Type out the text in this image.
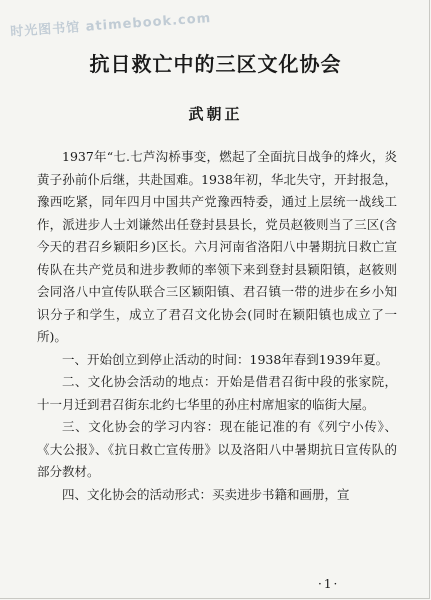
时光图书馆 atimebook.com
抗日救亡中的三区文化协会
武朝正

1937年“七.七芦沟桥事变，燃起了全面抗日战争的烽火，炎黄子孙前仆后继，共赴国难。1938年初，华北失守，开封报急，豫西吃紧，同年四月中国共产党豫西特委，通过上层统一战线工作，派进步人士刘谦然出任登封县县长，党员赵筱则当了三区(含今天的君召乡颖阳乡)区长。六月河南省洛阳八中暑期抗日救亡宣传队在共产党员和进步教师的率领下来到登封县颖阳镇，赵筱则会同洛八中宣传队联合三区颖阳镇、君召镇一带的进步在乡小知识分子和学生，成立了君召文化协会(同时在颖阳镇也成立了一所)。

一、开始创立到停止活动的时间：1938年春到1939年夏。

二、文化协会活动的地点：开始是借君召街中段的张家院，十一月迁到君召街东北约七华里的孙庄村席旭家的临街大屋。

三、文化协会的学习内容：现在能记准的有《列宁小传》、《大公报》、《抗日救亡宣传册》以及洛阳八中暑期抗日宣传队的部分教材。

四、文化协会的活动形式：买卖进步书籍和画册，宣

·1·
